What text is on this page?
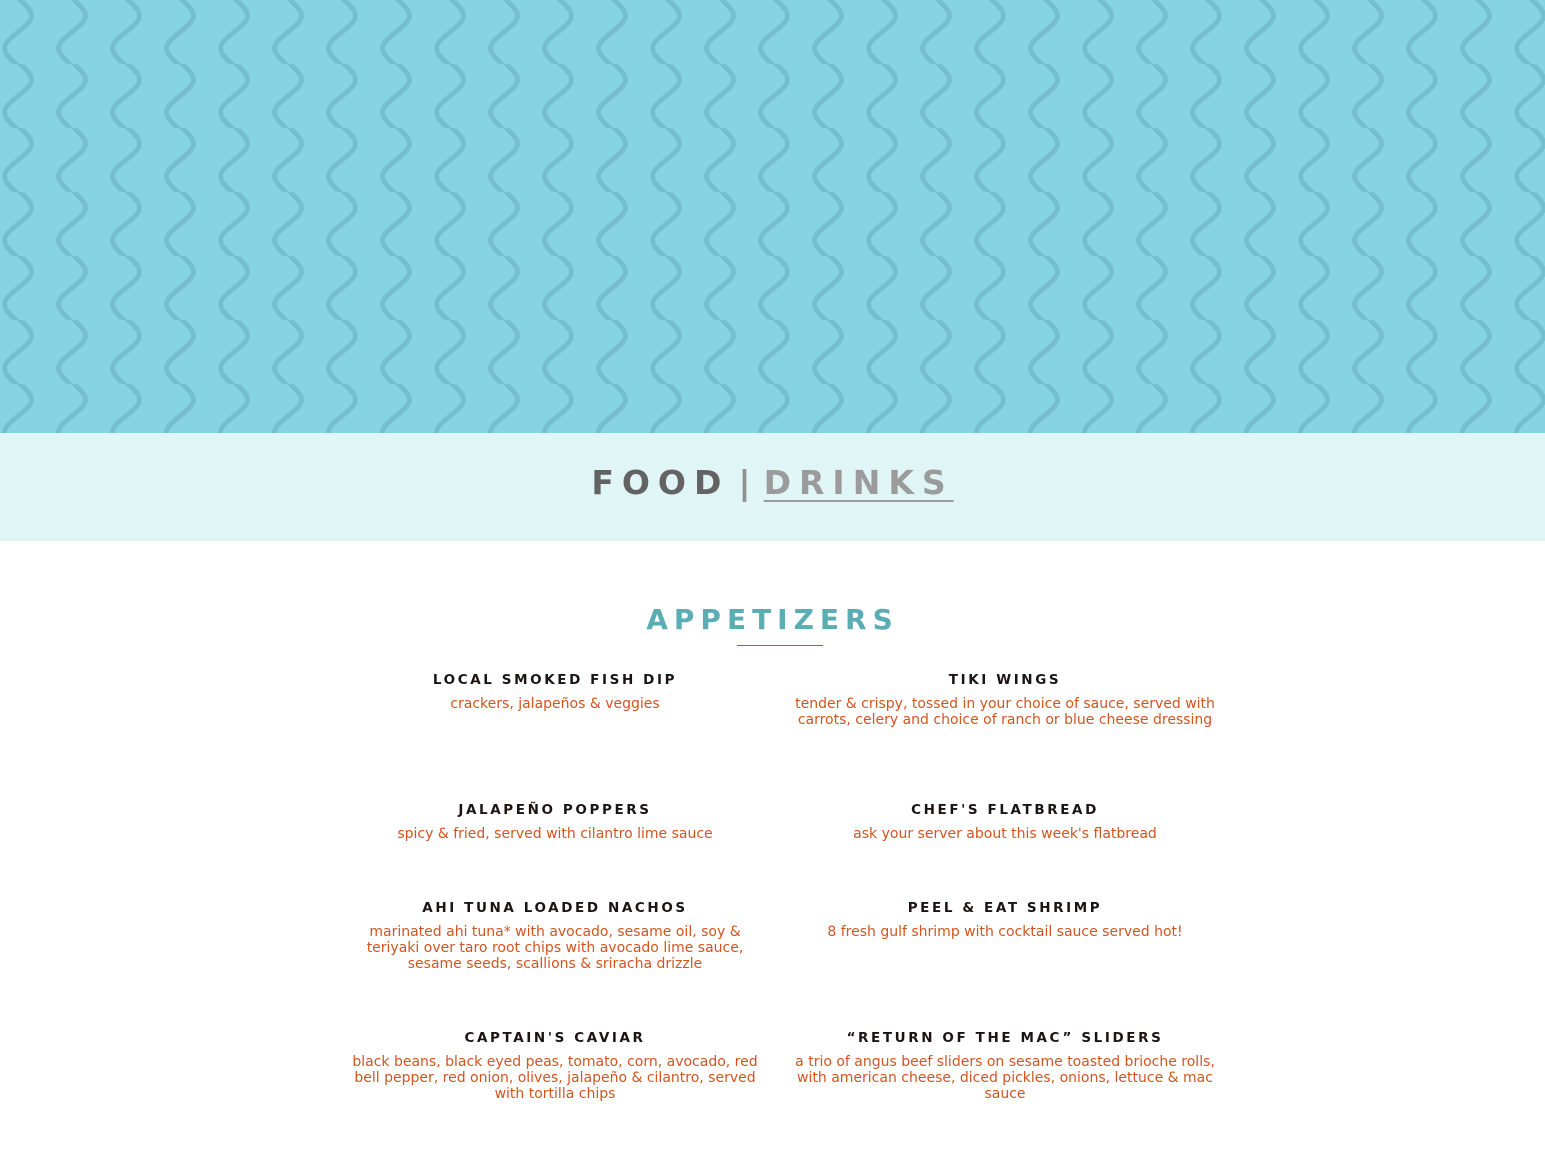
FOOD | DRINKS
APPETIZERS

LOCAL SMOKED FISH DIP

crackers, jalapeños & veggies

TIKI WINGS

tender & crispy, tossed in your choice of sauce, served with carrots, celery and choice of ranch or blue cheese dressing

JALAPEÑO POPPERS

spicy & fried, served with cilantro lime sauce

CHEF'S FLATBREAD

ask your server about this week's flatbread

AHI TUNA LOADED NACHOS

marinated ahi tuna* with avocado, sesame oil, soy & teriyaki over taro root chips with avocado lime sauce, sesame seeds, scallions & sriracha drizzle

PEEL & EAT SHRIMP

8 fresh gulf shrimp with cocktail sauce served hot!

CAPTAIN'S CAVIAR

black beans, black eyed peas, tomato, corn, avocado, red bell pepper, red onion, olives, jalapeño & cilantro, served with tortilla chips

“RETURN OF THE MAC” SLIDERS

a trio of angus beef sliders on sesame toasted brioche rolls, with american cheese, diced pickles, onions, lettuce & mac sauce
